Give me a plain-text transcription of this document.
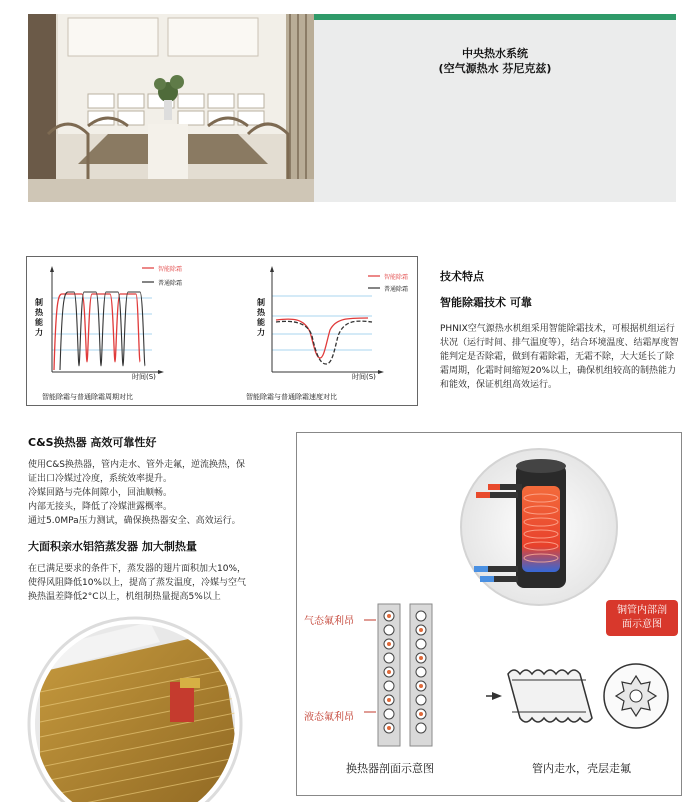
中央热水系统
(空气源热水 芬尼克兹)
智能除霜
普通除霜
制热能力
时间(S)
智能除霜与普通除霜周期对比
智能除霜
普通除霜
制热能力
时间(S)
智能除霜与普通除霜速度对比
技术特点
智能除霜技术 可靠
PHNIX空气源热水机组采用智能除霜技术，可根据机组运行状况（运行时间、排气温度等），结合环境温度、结霜厚度智能判定是否除霜，做到有霜除霜，无霜不除，大大延长了除霜周期，化霜时间缩短20%以上，确保机组较高的制热能力和能效，保证机组高效运行。
C&S换热器 高效可靠性好
使用C&S换热器，管内走水、管外走氟，逆流换热，保
证出口冷媒过冷度，系统效率提升。
冷媒回路与壳体间隙小，回油顺畅。
内部无接头，降低了冷媒泄露概率。
通过5.0MPa压力测试，确保换热器安全、高效运行。
大面积亲水铝箔蒸发器 加大制热量
在已满足要求的条件下，蒸发器的翅片面积加大10%，
使得风阻降低10%以上，提高了蒸发温度，冷媒与空气
换热温差降低2°C以上，机组制热量提高5%以上
气态氟利昂
液态氟利昂
铜管内部剖
面示意图
换热器剖面示意图	管内走水，壳层走氟
